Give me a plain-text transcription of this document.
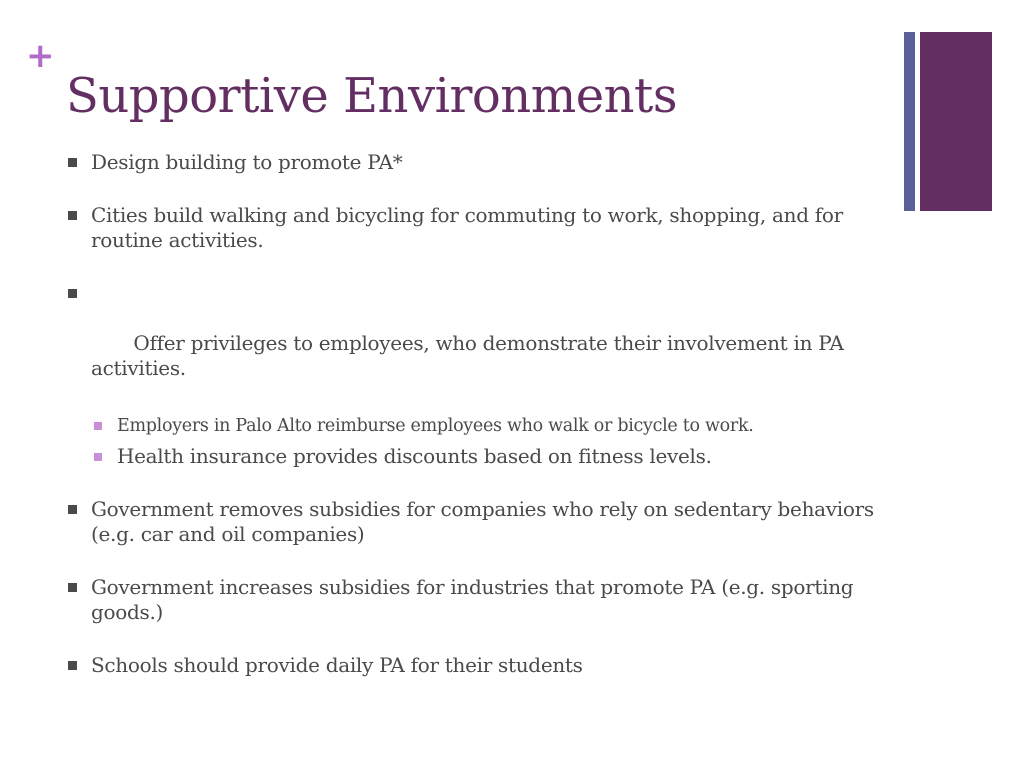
+
Supportive Environments
Design building to promote PA*
Cities build walking and bicycling for commuting to work, shopping, and for routine activities.

Offer privileges to employees, who demonstrate their involvement in PA activities.

Employers in Palo Alto reimburse employees who walk or bicycle to work.
Health insurance provides discounts based on fitness levels.
Government removes subsidies for companies who rely on sedentary behaviors (e.g. car and oil companies)
Government increases subsidies for industries that promote PA (e.g. sporting goods.)
Schools should provide daily PA for their students
